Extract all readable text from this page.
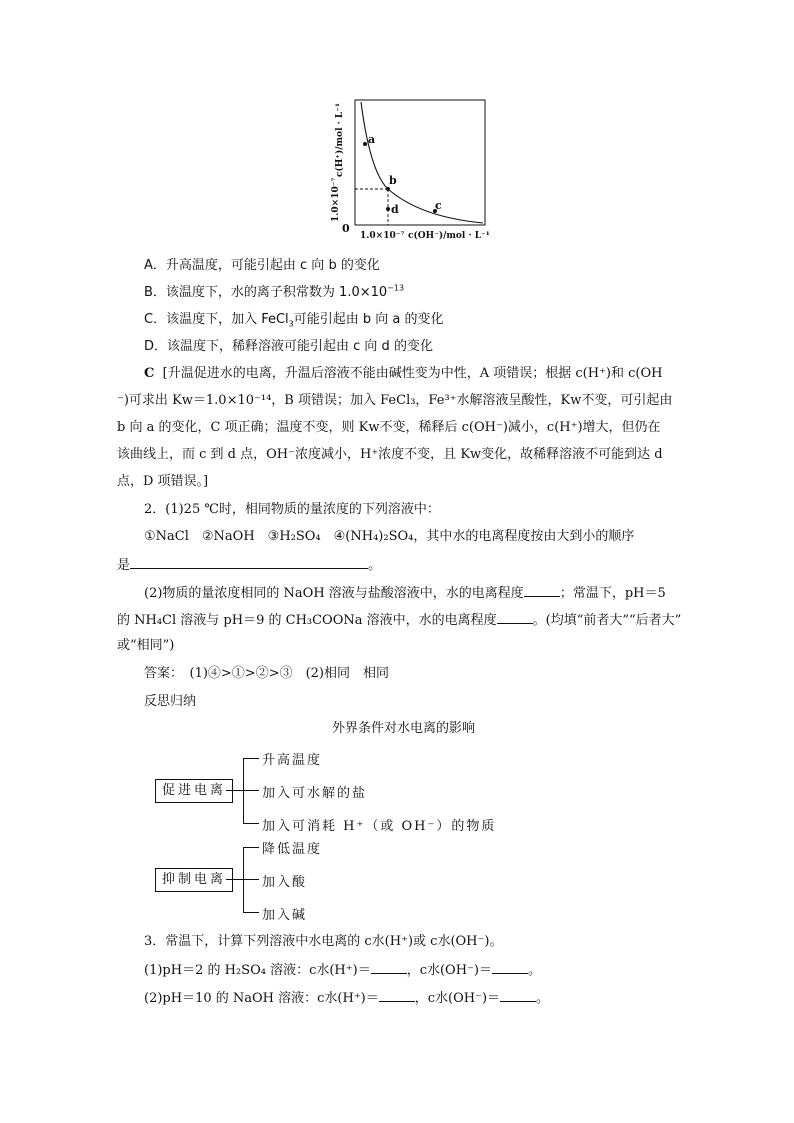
a
b
c
d
0
1.0×10⁻⁷ c(OH⁻)/mol · L⁻¹
c(H⁺)/mol · L⁻¹
1.0×10⁻⁷
A．升高温度，可能引起由 c 向 b 的变化
B．该温度下，水的离子积常数为 $1.0\times 10^{-13}$
C．该温度下，加入 FeCl$_3$可能引起由 b 向 a 的变化
D．该温度下，稀释溶液可能引起由 c 向 d 的变化
C [升温促进水的电离，升温后溶液不能由碱性变为中性，A 项错误；根据 c(H⁺)和 c(OH
⁻)可求出 Kw＝1.0×10⁻¹⁴，B 项错误；加入 FeCl₃，Fe³⁺水解溶液呈酸性，Kw不变，可引起由
b 向 a 的变化，C 项正确；温度不变，则 Kw不变，稀释后 c(OH⁻)减小，c(H⁺)增大，但仍在
该曲线上，而 c 到 d 点，OH⁻浓度减小，H⁺浓度不变，且 Kw变化，故稀释溶液不可能到达 d
点，D 项错误。]
2．(1)25 ℃时，相同物质的量浓度的下列溶液中：
①NaCl　②NaOH　③H₂SO₄　④(NH₄)₂SO₄，其中水的电离程度按由大到小的顺序
是	。
(2)物质的量浓度相同的 NaOH 溶液与盐酸溶液中，水的电离程度	；常温下，pH＝5
的 NH₄Cl 溶液与 pH＝9 的 CH₃COONa 溶液中，水的电离程度	。(均填“前者大”“后者大”
或“相同”)
答案：　(1)④>①>②>③　(2)相同　相同
反思归纳
外界条件对水电离的影响
促进电离
升高温度
加入可水解的盐
加入可消耗 H⁺（或 OH⁻）的物质
抑制电离
降低温度
加入酸
加入碱
3．常温下，计算下列溶液中水电离的 c水(H⁺)或 c水(OH⁻)。
(1)pH＝2 的 H₂SO₄ 溶液：c水(H⁺)＝	，c水(OH⁻)＝	。
(2)pH＝10 的 NaOH 溶液：c水(H⁺)＝	，c水(OH⁻)＝	。
